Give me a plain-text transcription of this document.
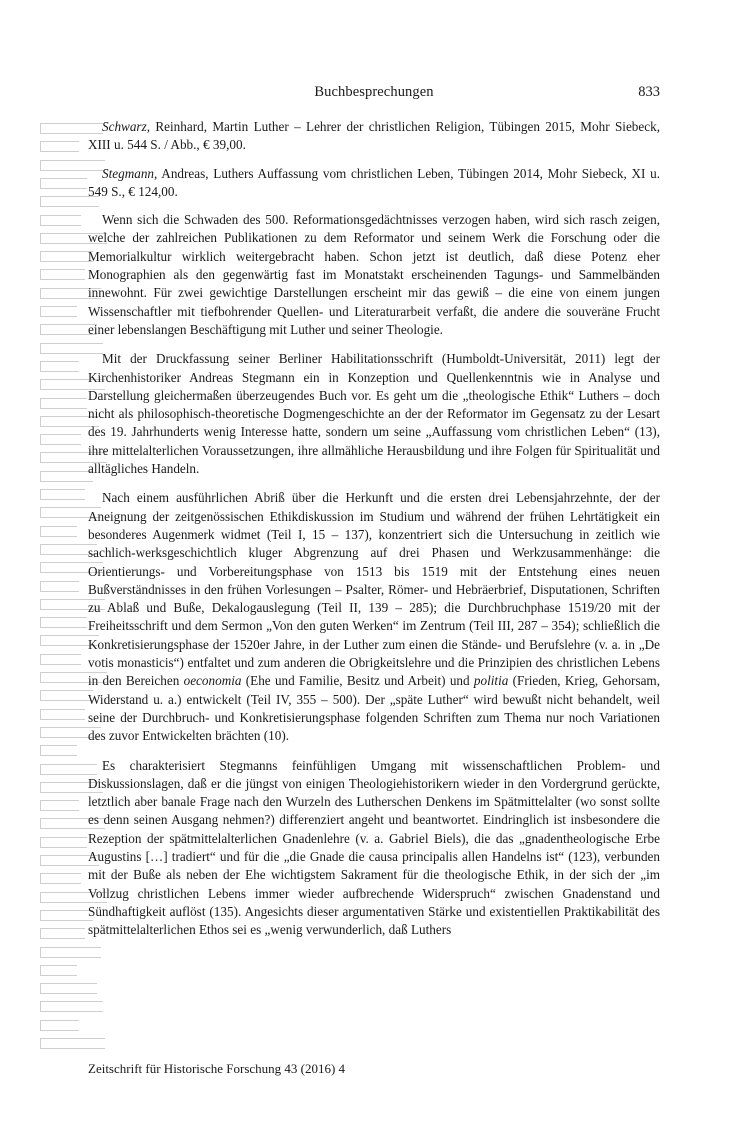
Buchbesprechungen	833

Schwarz, Reinhard, Martin Luther – Lehrer der christlichen Religion, Tübingen 2015, Mohr Siebeck, XIII u. 544 S. / Abb., € 39,00.

Stegmann, Andreas, Luthers Auffassung vom christlichen Leben, Tübingen 2014, Mohr Siebeck, XI u. 549 S., € 124,00.

Wenn sich die Schwaden des 500. Reformationsgedächtnisses verzogen haben, wird sich rasch zeigen, welche der zahlreichen Publikationen zu dem Reformator und seinem Werk die Forschung oder die Memorialkultur wirklich weitergebracht haben. Schon jetzt ist deutlich, daß diese Potenz eher Monographien als den gegenwärtig fast im Monatstakt erscheinenden Tagungs- und Sammelbänden innewohnt. Für zwei gewichtige Darstellungen erscheint mir das gewiß – die eine von einem jungen Wissenschaftler mit tiefbohrender Quellen- und Literaturarbeit verfaßt, die andere die souveräne Frucht einer lebenslangen Beschäftigung mit Luther und seiner Theologie.

Mit der Druckfassung seiner Berliner Habilitationsschrift (Humboldt-Universität, 2011) legt der Kirchenhistoriker Andreas Stegmann ein in Konzeption und Quellenkenntnis wie in Analyse und Darstellung gleichermaßen überzeugendes Buch vor. Es geht um die „theologische Ethik“ Luthers – doch nicht als philosophisch-theoretische Dogmengeschichte an der der Reformator im Gegensatz zu der Lesart des 19. Jahrhunderts wenig Interesse hatte, sondern um seine „Auffassung vom christlichen Leben“ (13), ihre mittelalterlichen Voraussetzungen, ihre allmähliche Herausbildung und ihre Folgen für Spiritualität und alltägliches Handeln.

Nach einem ausführlichen Abriß über die Herkunft und die ersten drei Lebensjahrzehnte, der der Aneignung der zeitgenössischen Ethikdiskussion im Studium und während der frühen Lehrtätigkeit ein besonderes Augenmerk widmet (Teil I, 15 – 137), konzentriert sich die Untersuchung in zeitlich wie sachlich-werksgeschichtlich kluger Abgrenzung auf drei Phasen und Werkzusammenhänge: die Orientierungs- und Vorbereitungsphase von 1513 bis 1519 mit der Entstehung eines neuen Bußverständnisses in den frühen Vorlesungen – Psalter, Römer- und Hebräerbrief, Disputationen, Schriften zu Ablaß und Buße, Dekalogauslegung (Teil II, 139 – 285); die Durchbruchphase 1519/20 mit der Freiheitsschrift und dem Sermon „Von den guten Werken“ im Zentrum (Teil III, 287 – 354); schließlich die Konkretisierungsphase der 1520er Jahre, in der Luther zum einen die Stände- und Berufslehre (v. a. in „De votis monasticis“) entfaltet und zum anderen die Obrigkeitslehre und die Prinzipien des christlichen Lebens in den Bereichen oeconomia (Ehe und Familie, Besitz und Arbeit) und politia (Frieden, Krieg, Gehorsam, Widerstand u. a.) entwickelt (Teil IV, 355 – 500). Der „späte Luther“ wird bewußt nicht behandelt, weil seine der Durchbruch- und Konkretisierungsphase folgenden Schriften zum Thema nur noch Variationen des zuvor Entwickelten brächten (10).

Es charakterisiert Stegmanns feinfühligen Umgang mit wissenschaftlichen Problem- und Diskussionslagen, daß er die jüngst von einigen Theologiehistorikern wieder in den Vordergrund gerückte, letztlich aber banale Frage nach den Wurzeln des Lutherschen Denkens im Spätmittelalter (wo sonst sollte es denn seinen Ausgang nehmen?) differenziert angeht und beantwortet. Eindringlich ist insbesondere die Rezeption der spätmittelalterlichen Gnadenlehre (v. a. Gabriel Biels), die das „gnadentheologische Erbe Augustins […] tradiert“ und für die „die Gnade die causa principalis allen Handelns ist“ (123), verbunden mit der Buße als neben der Ehe wichtigstem Sakrament für die theologische Ethik, in der sich der „im Vollzug christlichen Lebens immer wieder aufbrechende Widerspruch“ zwischen Gnadenstand und Sündhaftigkeit auflöst (135). Angesichts dieser argumentativen Stärke und existentiellen Praktikabilität des spätmittelalterlichen Ethos sei es „wenig verwunderlich, daß Luthers

Zeitschrift für Historische Forschung 43 (2016) 4
